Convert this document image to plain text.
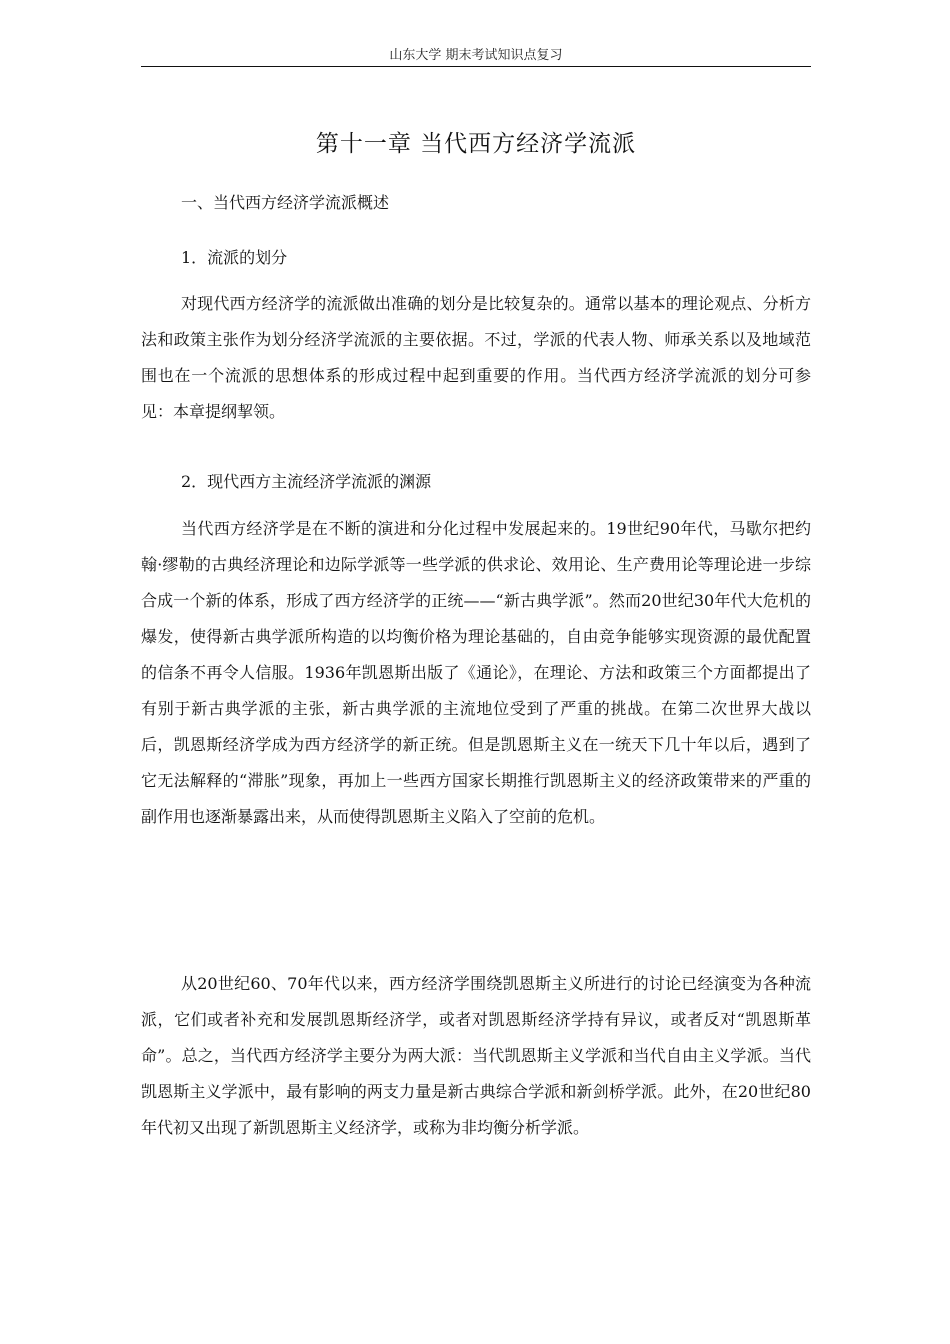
山东大学 期末考试知识点复习
第十一章 当代西方经济学流派
一、当代西方经济学流派概述
1．流派的划分

对现代西方经济学的流派做出准确的划分是比较复杂的。通常以基本的理论观点、分析方法和政策主张作为划分经济学流派的主要依据。不过，学派的代表人物、师承关系以及地域范围也在一个流派的思想体系的形成过程中起到重要的作用。当代西方经济学流派的划分可参见：本章提纲挈领。

2．现代西方主流经济学流派的渊源

当代西方经济学是在不断的演进和分化过程中发展起来的。19世纪90年代，马歇尔把约翰·缪勒的古典经济理论和边际学派等一些学派的供求论、效用论、生产费用论等理论进一步综合成一个新的体系，形成了西方经济学的正统——“新古典学派”。然而20世纪30年代大危机的爆发，使得新古典学派所构造的以均衡价格为理论基础的，自由竞争能够实现资源的最优配置的信条不再令人信服。1936年凯恩斯出版了《通论》，在理论、方法和政策三个方面都提出了有别于新古典学派的主张，新古典学派的主流地位受到了严重的挑战。在第二次世界大战以后，凯恩斯经济学成为西方经济学的新正统。但是凯恩斯主义在一统天下几十年以后，遇到了它无法解释的“滞胀”现象，再加上一些西方国家长期推行凯恩斯主义的经济政策带来的严重的副作用也逐渐暴露出来，从而使得凯恩斯主义陷入了空前的危机。

从20世纪60、70年代以来，西方经济学围绕凯恩斯主义所进行的讨论已经演变为各种流派，它们或者补充和发展凯恩斯经济学，或者对凯恩斯经济学持有异议，或者反对“凯恩斯革命”。总之，当代西方经济学主要分为两大派：当代凯恩斯主义学派和当代自由主义学派。当代凯恩斯主义学派中，最有影响的两支力量是新古典综合学派和新剑桥学派。此外，在20世纪80年代初又出现了新凯恩斯主义经济学，或称为非均衡分析学派。
